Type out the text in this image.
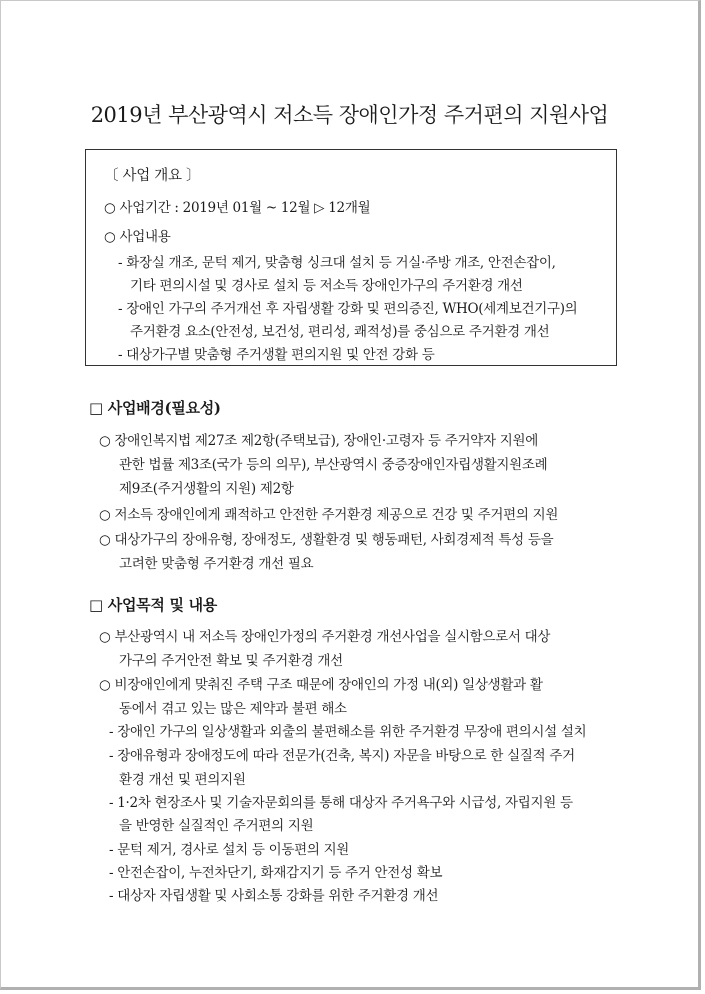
2019년 부산광역시 저소득 장애인가정 주거편의 지원사업
〔 사업 개요 〕
○ 사업기간 : 2019년 01월 ~ 12월 ▷ 12개월
○ 사업내용
- 화장실 개조, 문턱 제거, 맞춤형 싱크대 설치 등 거실·주방 개조, 안전손잡이,
기타 편의시설 및 경사로 설치 등 저소득 장애인가구의 주거환경 개선
- 장애인 가구의 주거개선 후 자립생활 강화 및 편의증진, WHO(세계보건기구)의
주거환경 요소(안전성, 보건성, 편리성, 쾌적성)를 중심으로 주거환경 개선
- 대상가구별 맞춤형 주거생활 편의지원 및 안전 강화 등
□ 사업배경(필요성)
○ 장애인복지법 제27조 제2항(주택보급), 장애인·고령자 등 주거약자 지원에
관한 법률 제3조(국가 등의 의무), 부산광역시 중증장애인자립생활지원조례
제9조(주거생활의 지원) 제2항
○ 저소득 장애인에게 쾌적하고 안전한 주거환경 제공으로 건강 및 주거편의 지원
○ 대상가구의 장애유형, 장애정도, 생활환경 및 행동패턴, 사회경제적 특성 등을
고려한 맞춤형 주거환경 개선 필요
□ 사업목적 및 내용
○ 부산광역시 내 저소득 장애인가정의 주거환경 개선사업을 실시함으로서 대상
가구의 주거안전 확보 및 주거환경 개선
○ 비장애인에게 맞춰진 주택 구조 때문에 장애인의 가정 내(외) 일상생활과 활
동에서 겪고 있는 많은 제약과 불편 해소
- 장애인 가구의 일상생활과 외출의 불편해소를 위한 주거환경 무장애 편의시설 설치
- 장애유형과 장애정도에 따라 전문가(건축, 복지) 자문을 바탕으로 한 실질적 주거
환경 개선 및 편의지원
- 1·2차 현장조사 및 기술자문회의를 통해 대상자 주거욕구와 시급성, 자립지원 등
을 반영한 실질적인 주거편의 지원
- 문턱 제거, 경사로 설치 등 이동편의 지원
- 안전손잡이, 누전차단기, 화재감지기 등 주거 안전성 확보
- 대상자 자립생활 및 사회소통 강화를 위한 주거환경 개선
